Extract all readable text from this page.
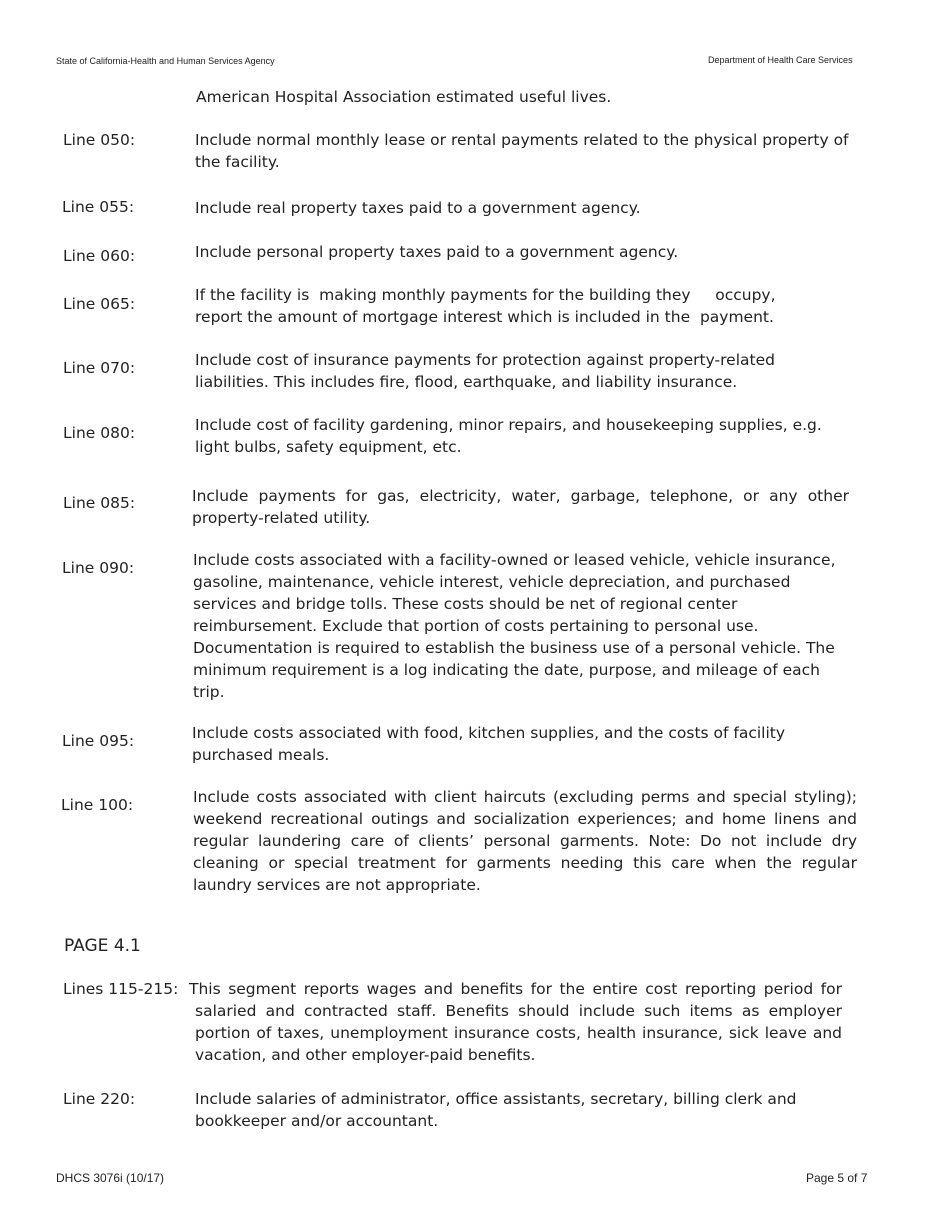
State of California-Health and Human Services Agency	Department of Health Care Services
American Hospital Association estimated useful lives.
Line 050:	Include normal monthly lease or rental payments related to the physical property of the facility.
Line 055:	Include real property taxes paid to a government agency.
Line 060:	Include personal property taxes paid to a government agency.
Line 065:	If the facility is  making monthly payments for the building they     occupy, report the amount of mortgage interest which is included in the  payment.
Line 070:	Include cost of insurance payments for protection against property-related liabilities. This includes fire, flood, earthquake, and liability insurance.
Line 080:	Include cost of facility gardening, minor repairs, and housekeeping supplies, e.g. light bulbs, safety equipment, etc.
Line 085:	Include payments for gas, electricity, water, garbage, telephone, or any other property-related utility.
Line 090:	Include costs associated with a facility-owned or leased vehicle, vehicle insurance, gasoline, maintenance, vehicle interest, vehicle depreciation, and purchased services and bridge tolls. These costs should be net of regional center reimbursement. Exclude that portion of costs pertaining to personal use. Documentation is required to establish the business use of a personal vehicle. The minimum requirement is a log indicating the date, purpose, and mileage of each trip.
Line 095:	Include costs associated with food, kitchen supplies, and the costs of facility purchased meals.
Line 100:	Include costs associated with client haircuts (excluding perms and special styling); weekend recreational outings and socialization experiences; and home linens and regular laundering care of clients’ personal garments. Note: Do not include dry cleaning or special treatment for garments needing this care when the regular laundry services are not appropriate.
PAGE 4.1
Lines 115-215: This segment reports wages and benefits for the entire cost reporting period for salaried and contracted staff. Benefits should include such items as employer portion of taxes, unemployment insurance costs, health insurance, sick leave and vacation, and other employer-paid benefits.
Line 220:	Include salaries of administrator, office assistants, secretary, billing clerk and bookkeeper and/or accountant.
DHCS 3076i (10/17)	Page 5 of 7
